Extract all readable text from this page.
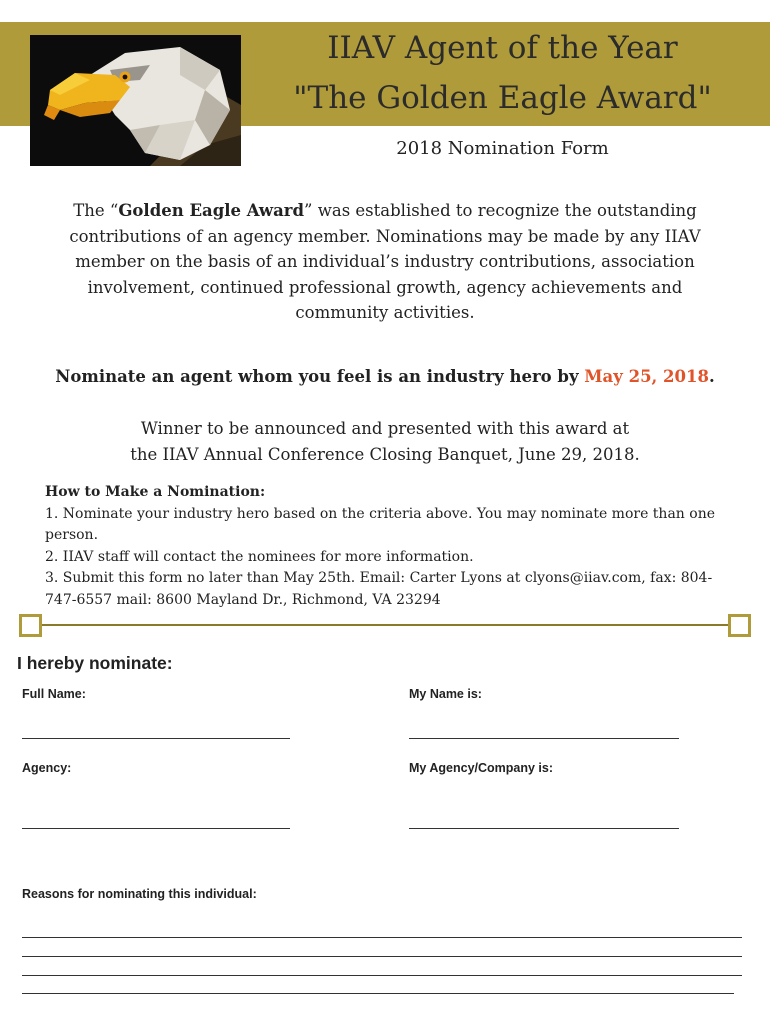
IIAV Agent of the Year
"The Golden Eagle Award"
2018 Nomination Form
The “Golden Eagle Award” was established to recognize the outstanding contributions of an agency member. Nominations may be made by any IIAV member on the basis of an individual’s industry contributions, association involvement, continued professional growth, agency achievements and community activities.
Nominate an agent whom you feel is an industry hero by May 25, 2018.
Winner to be announced and presented with this award at
the IIAV Annual Conference Closing Banquet, June 29, 2018.
How to Make a Nomination:
1. Nominate your industry hero based on the criteria above. You may nominate more than one person.
2. IIAV staff will contact the nominees for more information.
3. Submit this form no later than May 25th. Email: Carter Lyons at clyons@iiav.com, fax: 804-747-6557 mail: 8600 Mayland Dr., Richmond, VA 23294
I hereby nominate:
Full Name:	My Name is:
Agency:	My Agency/Company is:
Reasons for nominating this individual:
